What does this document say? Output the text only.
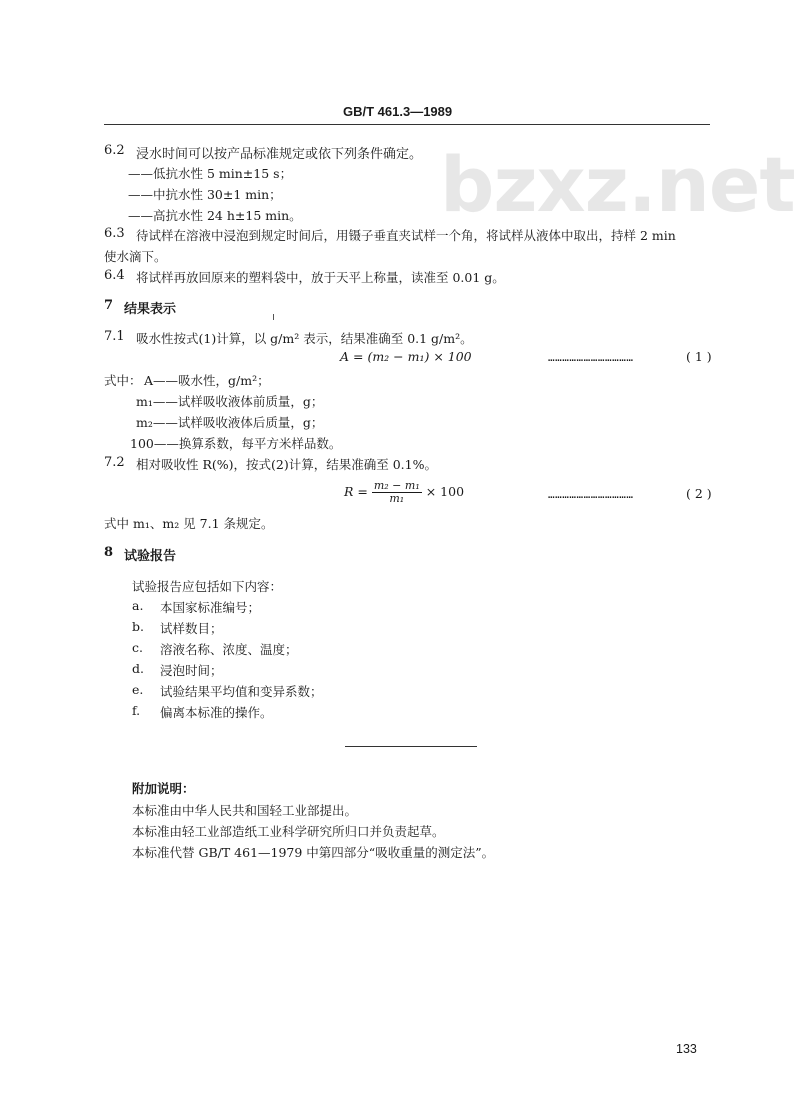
GB/T 461.3—1989
bzxz.net
6.2 浸水时间可以按产品标准规定或依下列条件确定。
——低抗水性 5 min±15 s；
——中抗水性 30±1 min；
——高抗水性 24 h±15 min。
6.3 待试样在溶液中浸泡到规定时间后，用镊子垂直夹试样一个角，将试样从液体中取出，持样 2 min
使水滴下。
6.4 将试样再放回原来的塑料袋中，放于天平上称量，读准至 0.01 g。
7 结果表示
7.1 吸水性按式(1)计算，以 g/m² 表示，结果准确至 0.1 g/m²。
A = (m₂ − m₁) × 100	………………………………	( 1 )
式中： A——吸水性，g/m²；
m₁——试样吸收液体前质量，g；
m₂——试样吸收液体后质量，g；
100——换算系数，每平方米样品数。
7.2 相对吸收性 R(%)，按式(2)计算，结果准确至 0.1%。
$R = \frac{\text{m₂ − m₁}}{\text{m₁}} \times 100$	………………………………	( 2 )
式中 m₁、m₂ 见 7.1 条规定。
8 试验报告
试验报告应包括如下内容：
a. 本国家标准编号；
b. 试样数目；
c. 溶液名称、浓度、温度；
d. 浸泡时间；
e. 试验结果平均值和变异系数；
f. 偏离本标准的操作。
附加说明：
本标准由中华人民共和国轻工业部提出。
本标准由轻工业部造纸工业科学研究所归口并负责起草。
本标准代替 GB/T 461—1979 中第四部分“吸收重量的测定法”。
133
